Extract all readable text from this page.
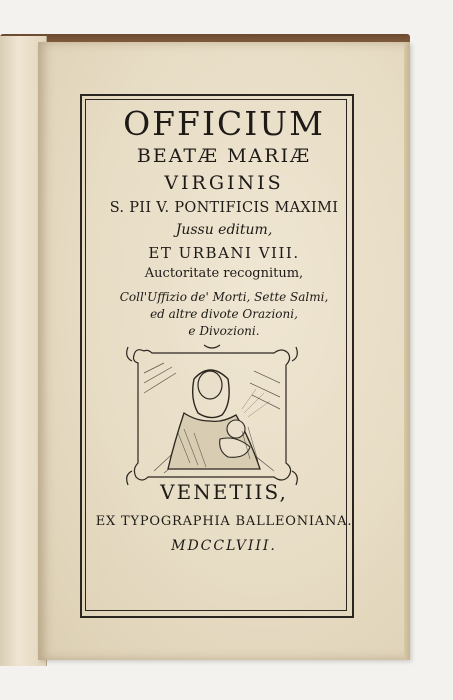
OFFICIUM
BEATÆ MARIÆ
VIRGINIS
S. PII V. PONTIFICIS MAXIMI
Jussu editum,
ET URBANI VIII.
Auctoritate recognitum,
Coll'Uffizio de' Morti, Sette Salmi,
ed altre divote Orazioni,
e Divozioni.
VENETIIS,
EX TYPOGRAPHIA BALLEONIANA.
MDCCLVIII.
